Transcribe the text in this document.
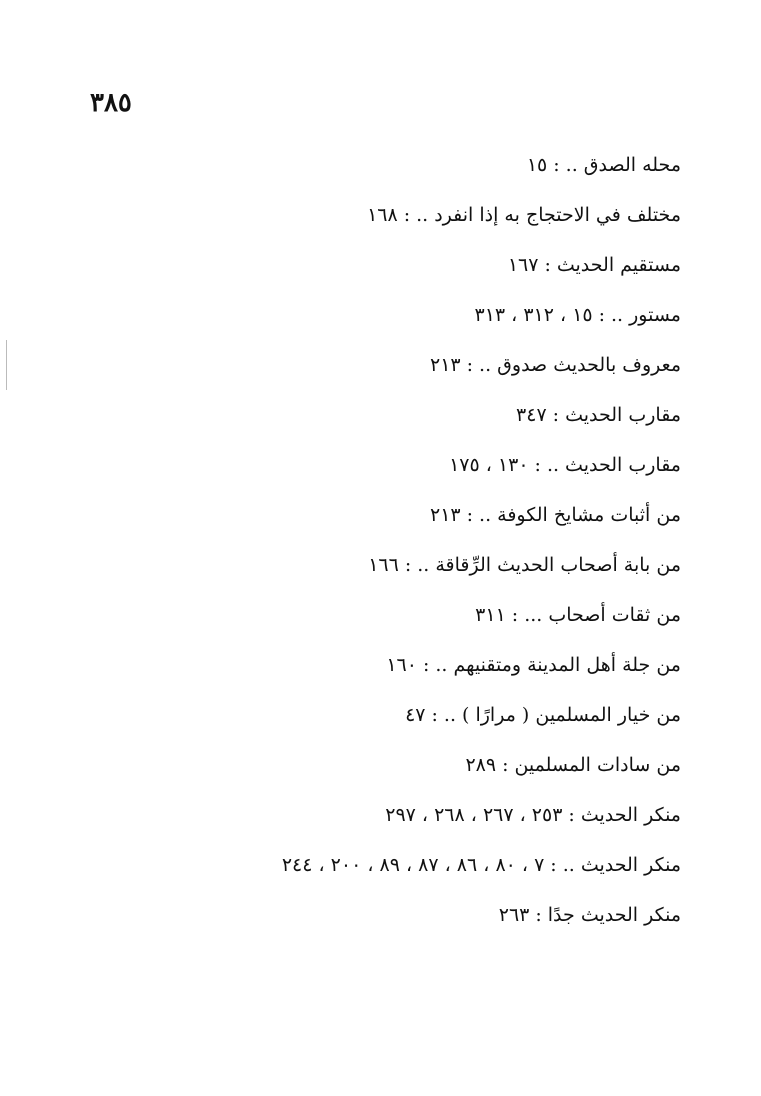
٣٨٥
محله الصدق ..:١٥
مختلف في الاحتجاج به إذا انفرد ..:١٦٨
مستقيم الحديث:١٦٧
مستور ..:١٥ ، ٣١٢ ، ٣١٣
معروف بالحديث صدوق ..:٢١٣
مقارب الحديث:٣٤٧
مقارب الحديث ..:١٣٠ ، ١٧٥
من أثبات مشايخ الكوفة ..:٢١٣
من بابة أصحاب الحديث الرِّقاقة ..:١٦٦
من ثقات أصحاب ...:٣١١
من جلة أهل المدينة ومتقنيهم ..:١٦٠
من خيار المسلمين ( مرارًا ) ..:٤٧
من سادات المسلمين:٢٨٩
منكر الحديث:٢٥٣ ، ٢٦٧ ، ٢٦٨ ، ٢٩٧
منكر الحديث ..:٧ ، ٨٠ ، ٨٦ ، ٨٧ ، ٨٩ ، ٢٠٠ ، ٢٤٤
منكر الحديث جدًا:٢٦٣
